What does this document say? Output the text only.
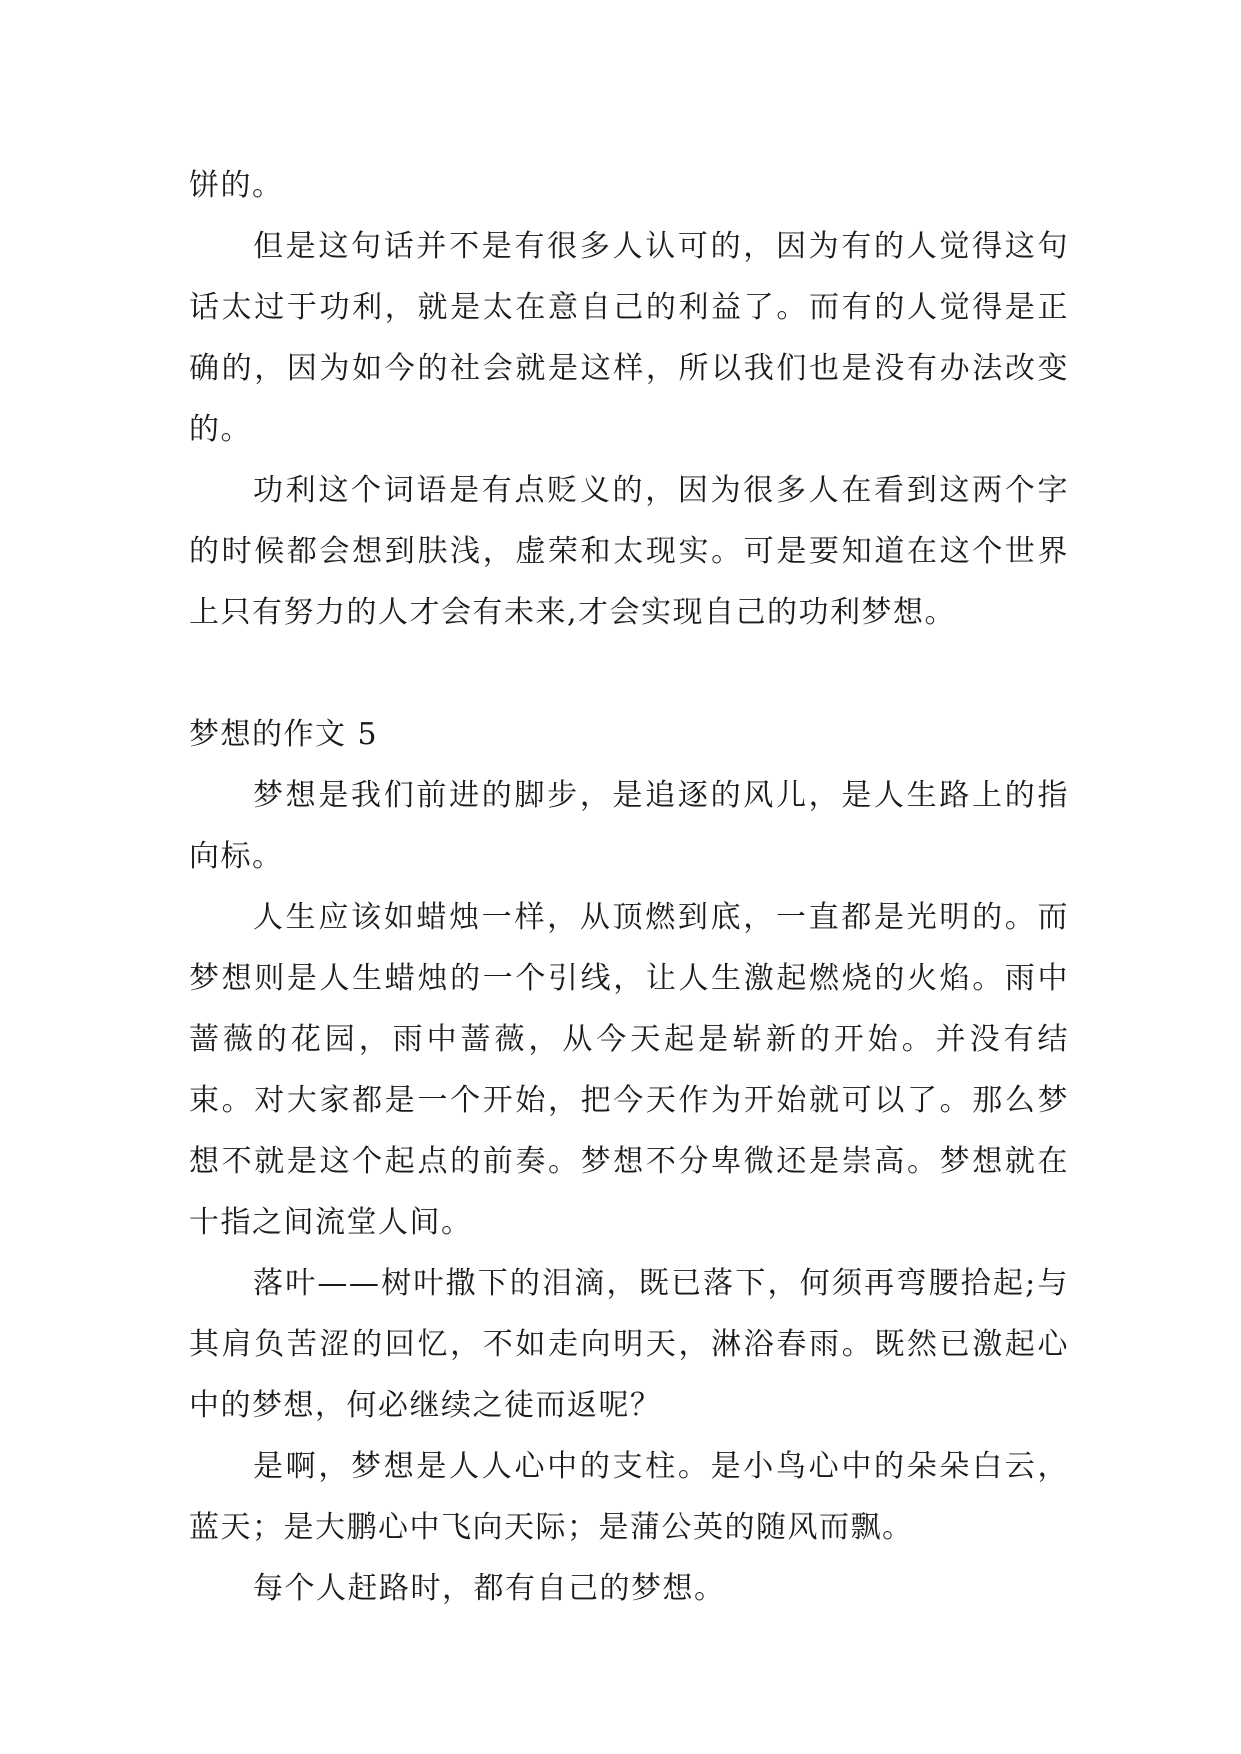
饼的。

但是这句话并不是有很多人认可的，因为有的人觉得这句话太过于功利，就是太在意自己的利益了。而有的人觉得是正确的，因为如今的社会就是这样，所以我们也是没有办法改变的。

功利这个词语是有点贬义的，因为很多人在看到这两个字的时候都会想到肤浅，虚荣和太现实。可是要知道在这个世界上只有努力的人才会有未来,才会实现自己的功利梦想。

梦想的作文 5

梦想是我们前进的脚步，是追逐的风儿，是人生路上的指向标。

人生应该如蜡烛一样，从顶燃到底，一直都是光明的。而梦想则是人生蜡烛的一个引线，让人生激起燃烧的火焰。雨中蔷薇的花园，雨中蔷薇，从今天起是崭新的开始。并没有结束。对大家都是一个开始，把今天作为开始就可以了。那么梦想不就是这个起点的前奏。梦想不分卑微还是崇高。梦想就在十指之间流堂人间。

落叶——树叶撒下的泪滴，既已落下，何须再弯腰拾起;与其肩负苦涩的回忆，不如走向明天，淋浴春雨。既然已激起心中的梦想，何必继续之徒而返呢？

是啊，梦想是人人心中的支柱。是小鸟心中的朵朵白云，蓝天；是大鹏心中飞向天际；是蒲公英的随风而飘。

每个人赶路时，都有自己的梦想。
